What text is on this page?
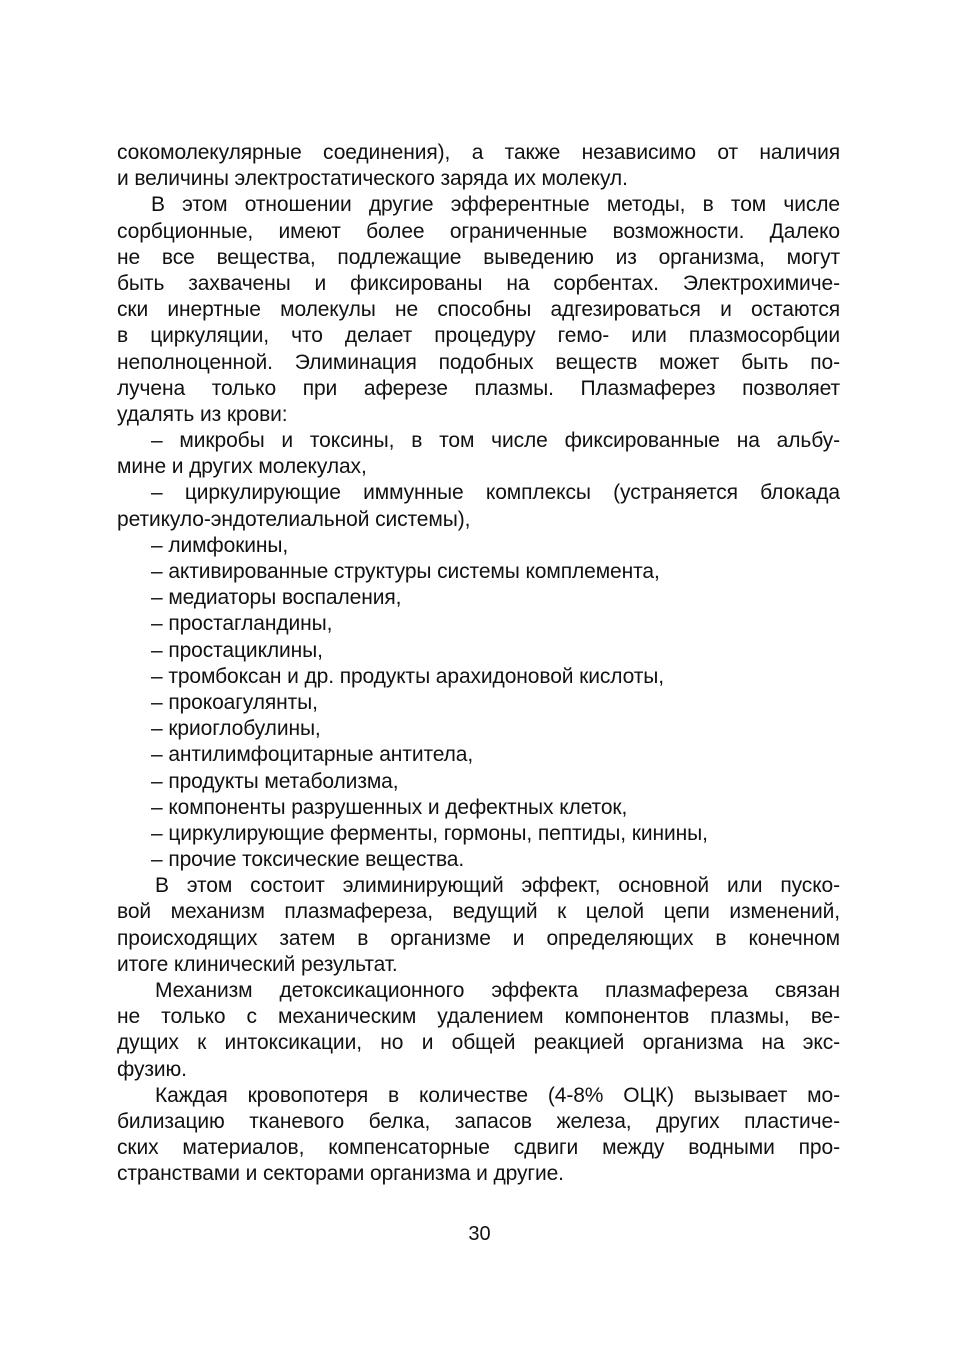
сокомолекулярные соединения), а также независимо от наличия
и величины электростатического заряда их молекул.
В этом отношении другие эфферентные методы, в том числе
сорбционные, имеют более ограниченные возможности. Далеко
не все вещества, подлежащие выведению из организма, могут
быть захвачены и фиксированы на сорбентах. Электрохимиче-
ски инертные молекулы не способны адгезироваться и остаются
в циркуляции, что делает процедуру гемо- или плазмосорбции
неполноценной. Элиминация подобных веществ может быть по-
лучена только при аферезе плазмы. Плазмаферез позволяет
удалять из крови:
– микробы и токсины, в том числе фиксированные на альбу-
мине и других молекулах,
– циркулирующие иммунные комплексы (устраняется блокада
ретикуло-эндотелиальной системы),
– лимфокины,
– активированные структуры системы комплемента,
– медиаторы воспаления,
– простагландины,
– простациклины,
– тромбоксан и др. продукты арахидоновой кислоты,
– прокоагулянты,
– криоглобулины,
– антилимфоцитарные антитела,
– продукты метаболизма,
– компоненты разрушенных и дефектных клеток,
– циркулирующие ферменты, гормоны, пептиды, кинины,
– прочие токсические вещества.
В этом состоит элиминирующий эффект, основной или пуско-
вой механизм плазмафереза, ведущий к целой цепи изменений,
происходящих затем в организме и определяющих в конечном
итоге клинический результат.
Механизм детоксикационного эффекта плазмафереза связан
не только с механическим удалением компонентов плазмы, ве-
дущих к интоксикации, но и общей реакцией организма на экс-
фузию.
Каждая кровопотеря в количестве (4-8% ОЦК) вызывает мо-
билизацию тканевого белка, запасов железа, других пластиче-
ских материалов, компенсаторные сдвиги между водными про-
странствами и секторами организма и другие.
30
